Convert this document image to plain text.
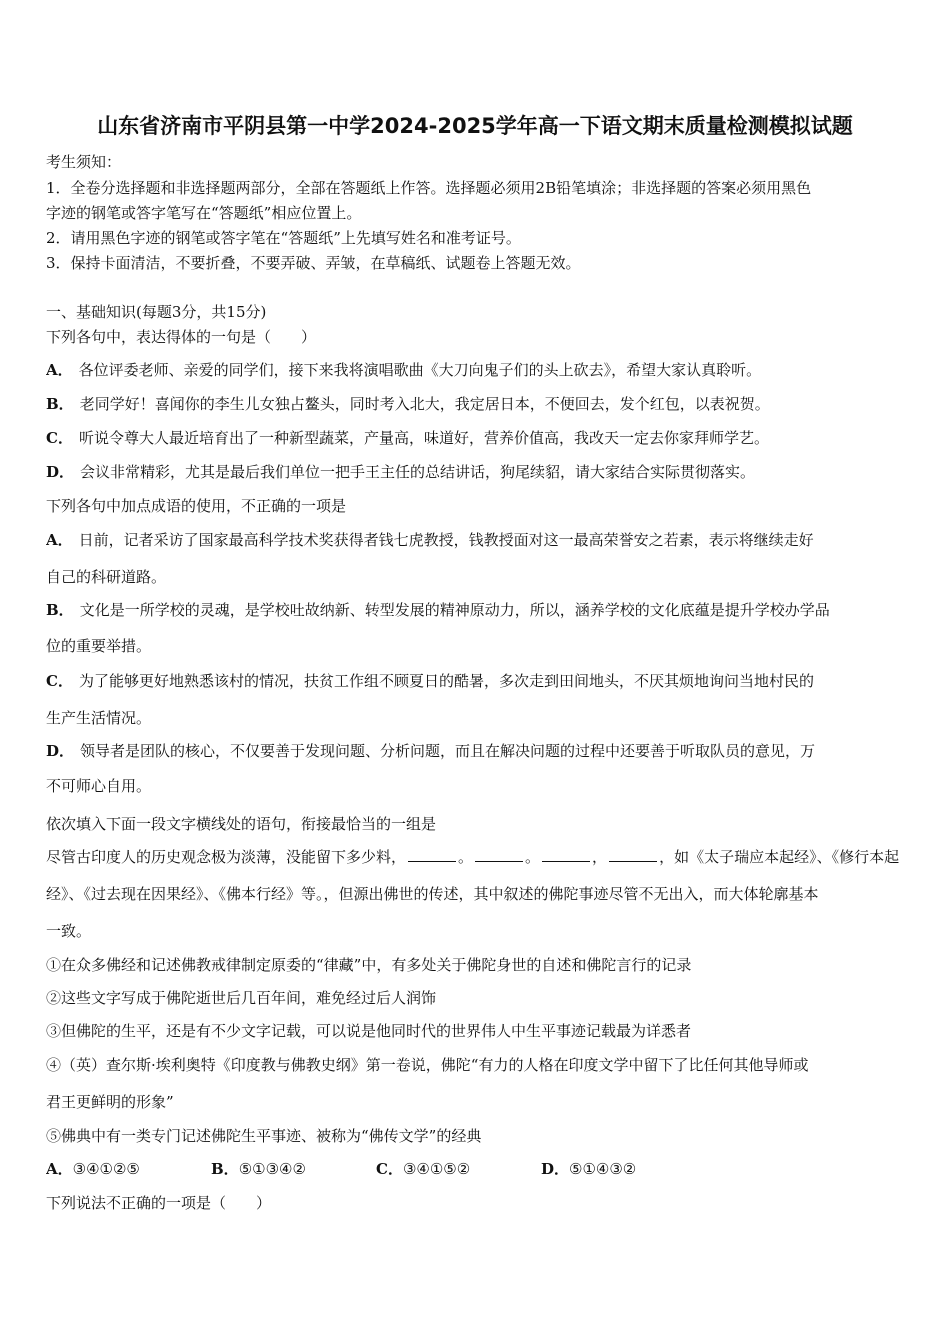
山东省济南市平阴县第一中学2024-2025学年高一下语文期末质量检测模拟试题
考生须知：
1．全卷分选择题和非选择题两部分，全部在答题纸上作答。选择题必须用2B铅笔填涂；非选择题的答案必须用黑色
字迹的钢笔或答字笔写在“答题纸”相应位置上。
2．请用黑色字迹的钢笔或答字笔在“答题纸”上先填写姓名和准考证号。
3．保持卡面清洁，不要折叠，不要弄破、弄皱，在草稿纸、试题卷上答题无效。
一、基础知识(每题3分，共15分)
下列各句中，表达得体的一句是（　　）
A． 各位评委老师、亲爱的同学们，接下来我将演唱歌曲《大刀向鬼子们的头上砍去》，希望大家认真聆听。
B． 老同学好！喜闻你的李生儿女独占鳌头，同时考入北大，我定居日本，不便回去，发个红包，以表祝贺。
C． 听说令尊大人最近培育出了一种新型蔬菜，产量高，味道好，营养价值高，我改天一定去你家拜师学艺。
D． 会议非常精彩，尤其是最后我们单位一把手王主任的总结讲话，狗尾续貂，请大家结合实际贯彻落实。
下列各句中加点成语的使用，不正确的一项是
A． 日前，记者采访了国家最高科学技术奖获得者钱七虎教授，钱教授面对这一最高荣誉安之若素，表示将继续走好
自己的科研道路。
B． 文化是一所学校的灵魂，是学校吐故纳新、转型发展的精神原动力，所以，涵养学校的文化底蕴是提升学校办学品
位的重要举措。
C． 为了能够更好地熟悉该村的情况，扶贫工作组不顾夏日的酷暑，多次走到田间地头，不厌其烦地询问当地村民的
生产生活情况。
D． 领导者是团队的核心，不仅要善于发现问题、分析问题，而且在解决问题的过程中还要善于听取队员的意见，万
不可师心自用。
依次填入下面一段文字横线处的语句，衔接最恰当的一组是
尽管古印度人的历史观念极为淡薄，没能留下多少料，	。	。	，	，如《太子瑞应本起经》、《修行本起
经》、《过去现在因果经》、《佛本行经》等。，但源出佛世的传述，其中叙述的佛陀事迹尽管不无出入，而大体轮廓基本
一致。
①在众多佛经和记述佛教戒律制定原委的“律藏”中，有多处关于佛陀身世的自述和佛陀言行的记录
②这些文字写成于佛陀逝世后几百年间，难免经过后人润饰
③但佛陀的生平，还是有不少文字记载，可以说是他同时代的世界伟人中生平事迹记载最为详悉者
④（英）查尔斯·埃利奥特《印度教与佛教史纲》第一卷说，佛陀“有力的人格在印度文学中留下了比任何其他导师或
君王更鲜明的形象”
⑤佛典中有一类专门记述佛陀生平事迹、被称为“佛传文学”的经典
A．③④①②⑤	B．⑤①③④②	C．③④①⑤②	D．⑤①④③②
下列说法不正确的一项是（　　）
